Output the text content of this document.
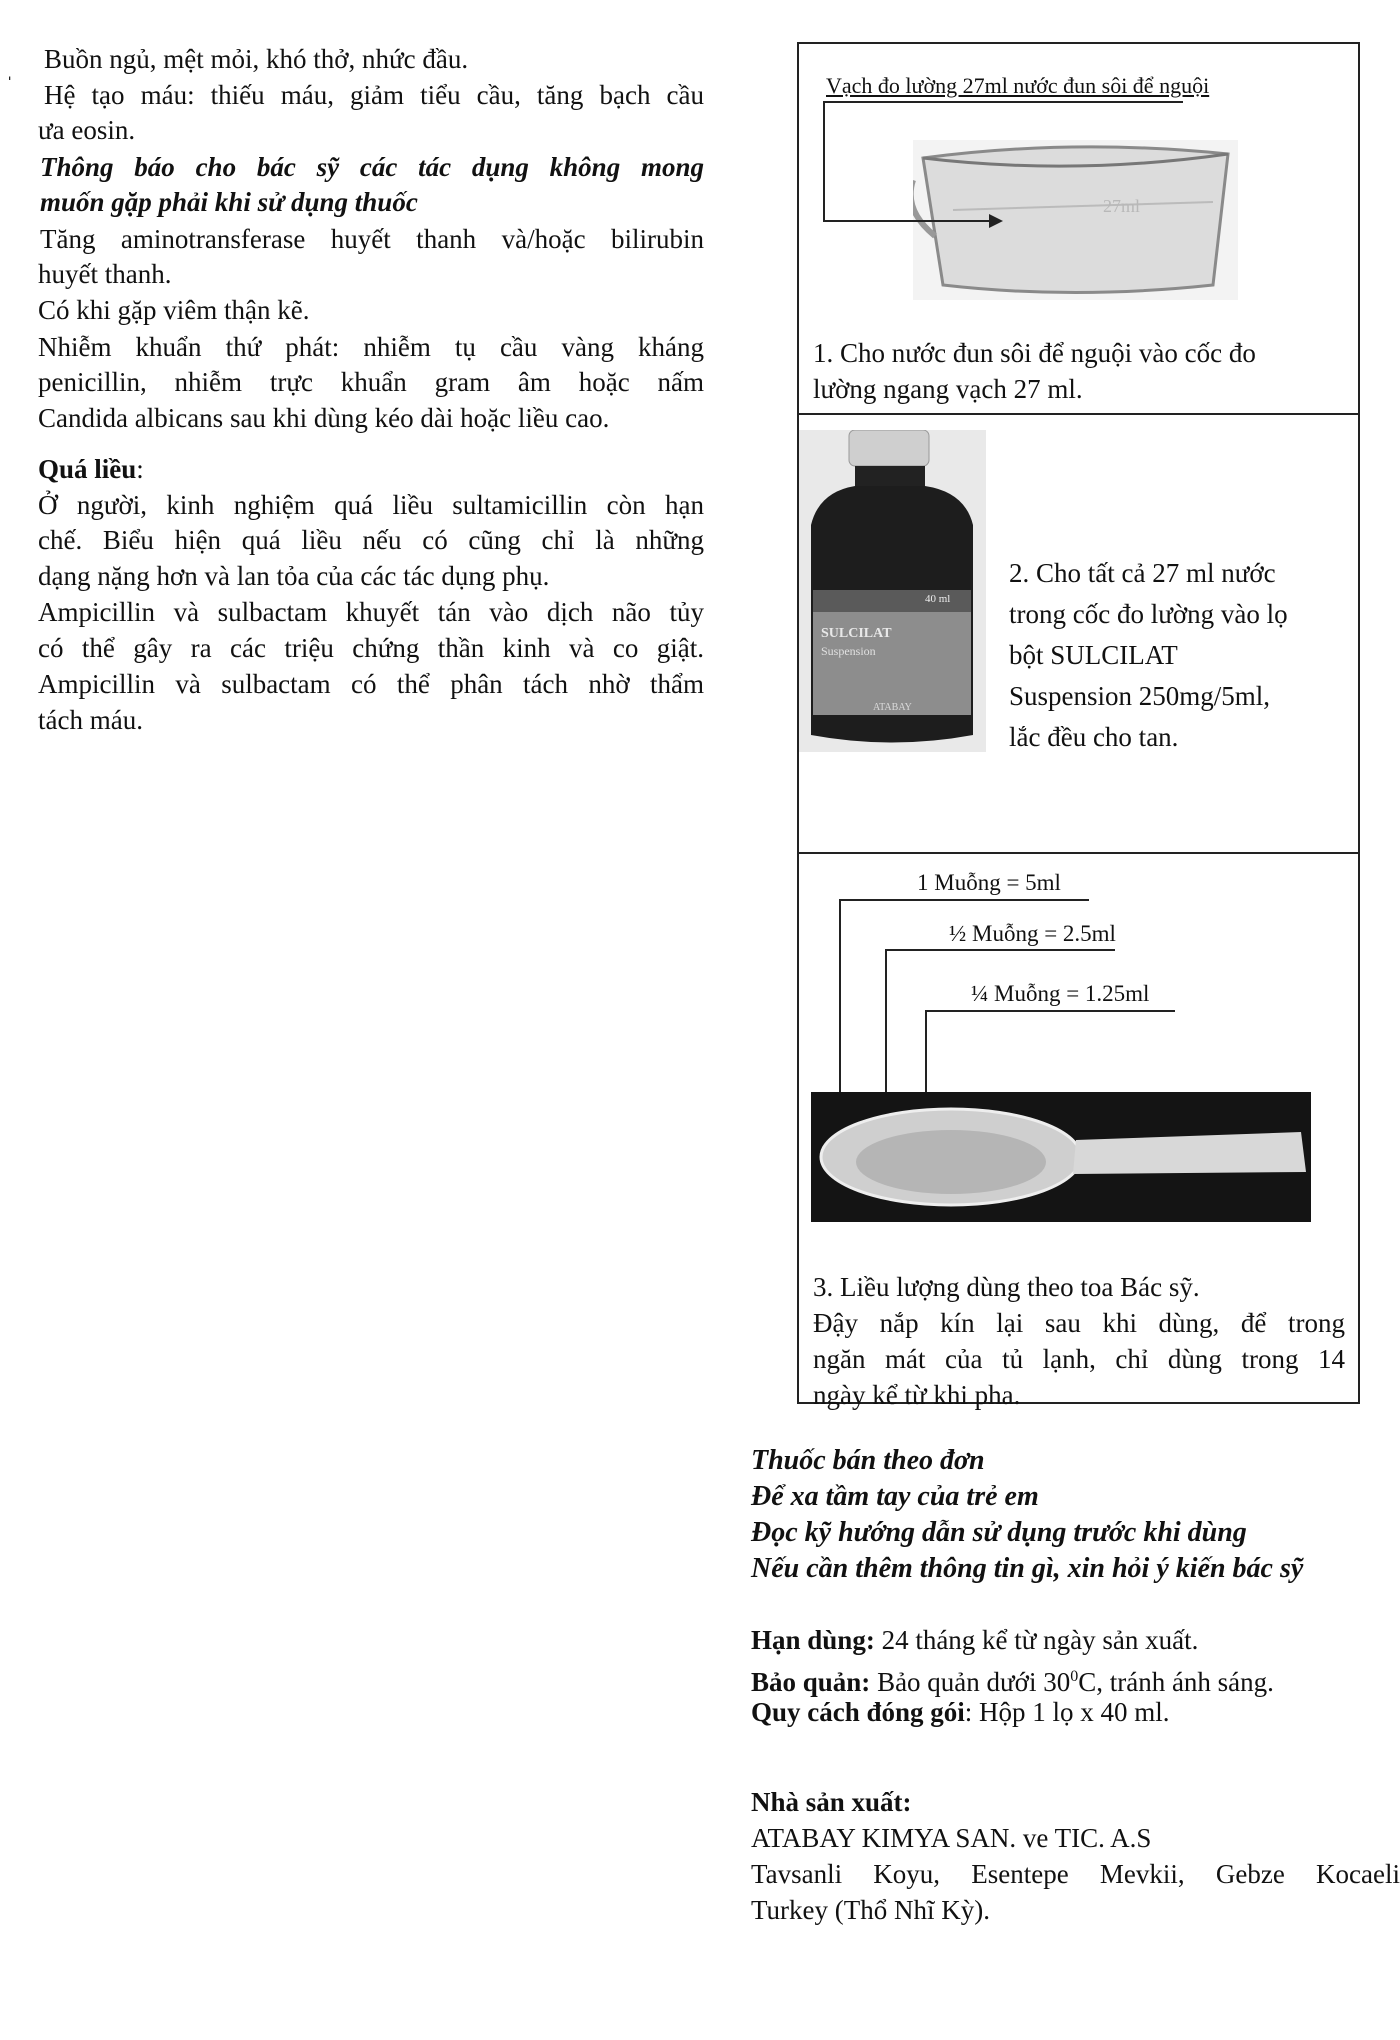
ˌ Buồn ngủ, mệt mỏi, khó thở, nhức đầu.
Hệ tạo máu: thiếu máu, giảm tiểu cầu, tăng bạch cầu
ưa eosin.
Thông báo cho bác sỹ các tác dụng không mong
muốn gặp phải khi sử dụng thuốc
Tăng aminotransferase huyết thanh và/hoặc bilirubin
huyết thanh.
Có khi gặp viêm thận kẽ.
Nhiễm khuẩn thứ phát: nhiễm tụ cầu vàng kháng
penicillin, nhiễm trực khuẩn gram âm hoặc nấm
Candida albicans sau khi dùng kéo dài hoặc liều cao.
Quá liều:
Ở người, kinh nghiệm quá liều sultamicillin còn hạn
chế. Biểu hiện quá liều nếu có cũng chỉ là những
dạng nặng hơn và lan tỏa của các tác dụng phụ.
Ampicillin và sulbactam khuyết tán vào dịch não tủy
có thể gây ra các triệu chứng thần kinh và co giật.
Ampicillin và sulbactam có thể phân tách nhờ thẩm
tách máu.
Vạch đo lường 27ml nước đun sôi để nguội
27ml
1. Cho nước đun sôi để nguội vào cốc đo
lường ngang vạch 27 ml.
SULCILAT
Suspension
40 ml
ATABAY
2. Cho tất cả 27 ml nước
trong cốc đo lường vào lọ
bột SULCILAT
Suspension 250mg/5ml,
lắc đều cho tan.
1 Muỗng = 5ml
½ Muỗng = 2.5ml
¼ Muỗng = 1.25ml
3. Liều lượng dùng theo toa Bác sỹ.
Đậy nắp kín lại sau khi dùng, để trong
ngăn mát của tủ lạnh, chỉ dùng trong 14
ngày kể từ khi pha.
Thuốc bán theo đơn
Để xa tầm tay của trẻ em
Đọc kỹ hướng dẫn sử dụng trước khi dùng
Nếu cần thêm thông tin gì, xin hỏi ý kiến bác sỹ
Hạn dùng: 24 tháng kể từ ngày sản xuất.
Bảo quản: Bảo quản dưới $30^0C$, tránh ánh sáng.
Quy cách đóng gói: Hộp 1 lọ x 40 ml.
Nhà sản xuất:
ATABAY KIMYA SAN. ve TIC. A.S
Tavsanli Koyu, Esentepe Mevkii, Gebze Kocaeli
Turkey (Thổ Nhĩ Kỳ).
